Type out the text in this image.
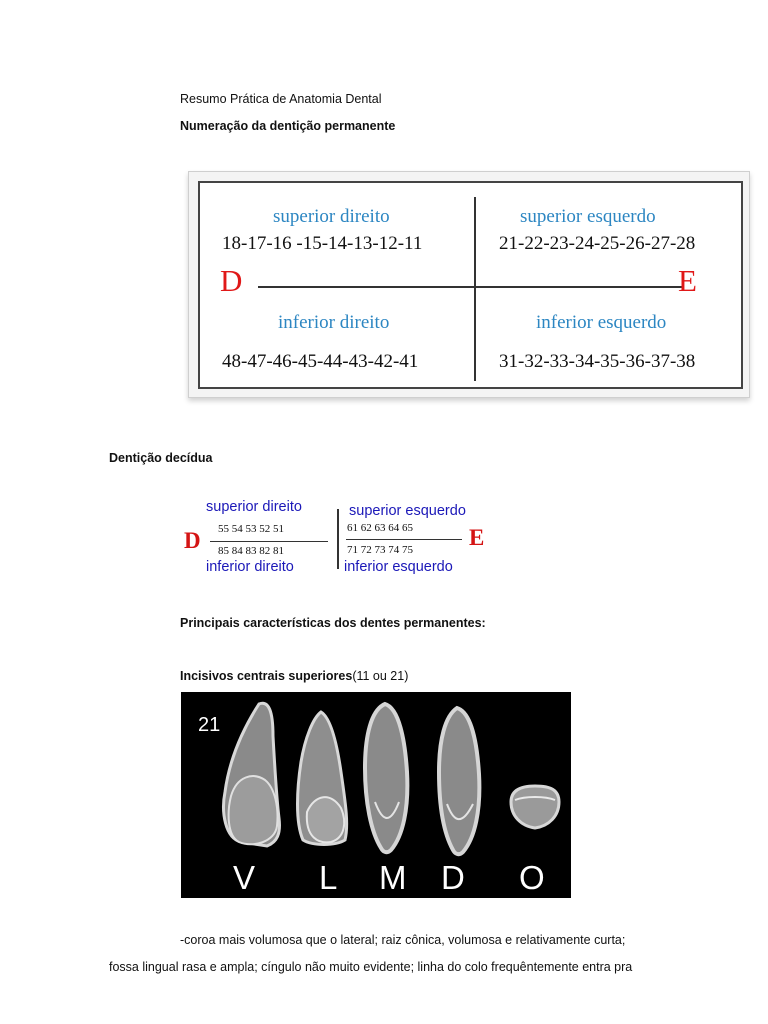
Resumo Prática de Anatomia Dental
Numeração da dentição permanente
superior direito
18-17-16 -15-14-13-12-11
superior esquerdo
21-22-23-24-25-26-27-28
D	E
inferior direito
48-47-46-45-44-43-42-41
inferior esquerdo
31-32-33-34-35-36-37-38
Dentição decídua
superior direito	superior esquerdo
55 54 53 52 51	61 62 63 64 65
D	E
85 84 83 82 81	71 72 73 74 75
inferior direito	inferior esquerdo
Principais características dos dentes permanentes:
Incisivos centrais superiores(11 ou 21)
21
V L M D O
-coroa mais volumosa que o lateral; raiz cônica, volumosa e relativamente curta;
fossa lingual rasa e ampla; cíngulo não muito evidente; linha do colo frequêntemente entra pra
